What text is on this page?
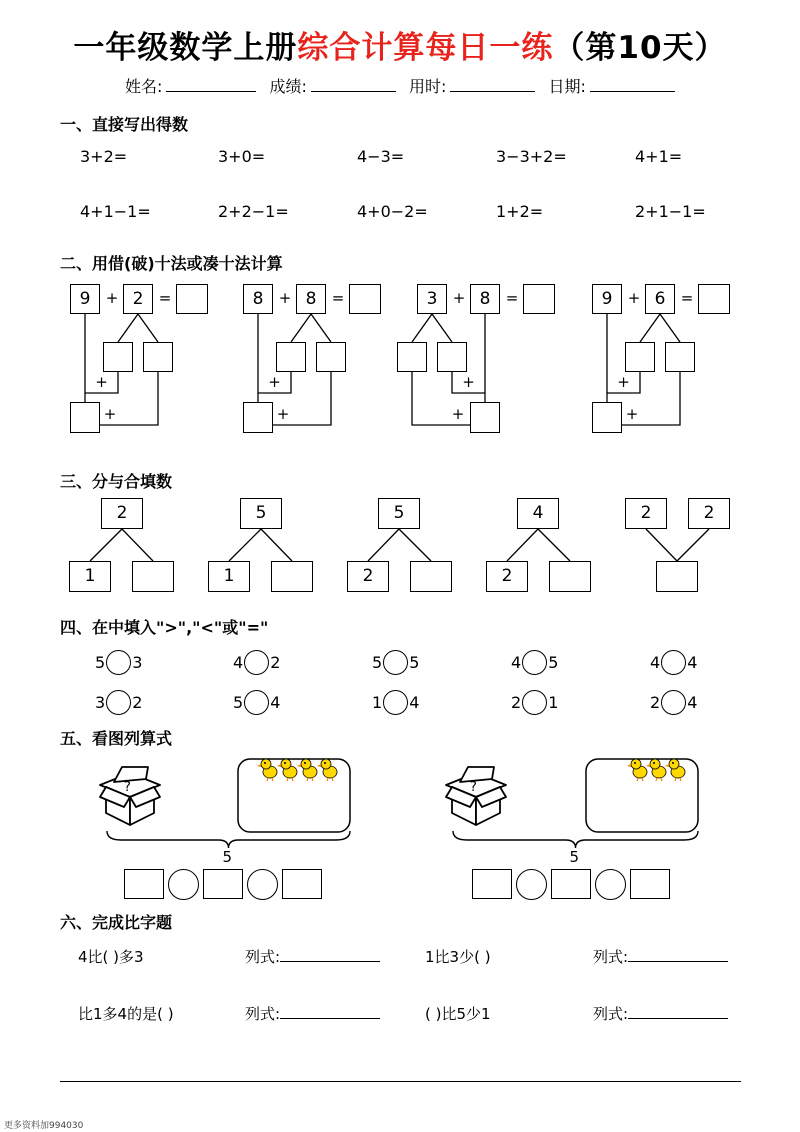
一年级数学上册综合计算每日一练（第10天）
姓名:	成绩:	用时:	日期:
一、直接写出得数
3+2=	3+0=	4−3=	3−3+2=	4+1=
4+1−1=	2+2−1=	4+0−2=	1+2=	2+1−1=
二、用借(破)十法或凑十法计算
9	+ 2	=
+
+
8	+ 8	=
+
+
3	+ 8	=
+
+
9	+ 6	=
+
+
三、分与合填数
2
1
5
1
5
2
4
2
2	2
四、在中填入">","<"或"="
5 3	4 2	5 5	4 5	4 4
3 2	5 4	1 4	2 1	2 4
五、看图列算式
?	?
5	5
六、完成比字题
4比( )多3	列式:	1比3少( )	列式:
比1多4的是( )	列式:	( )比5少1	列式:
更多资料加994030
